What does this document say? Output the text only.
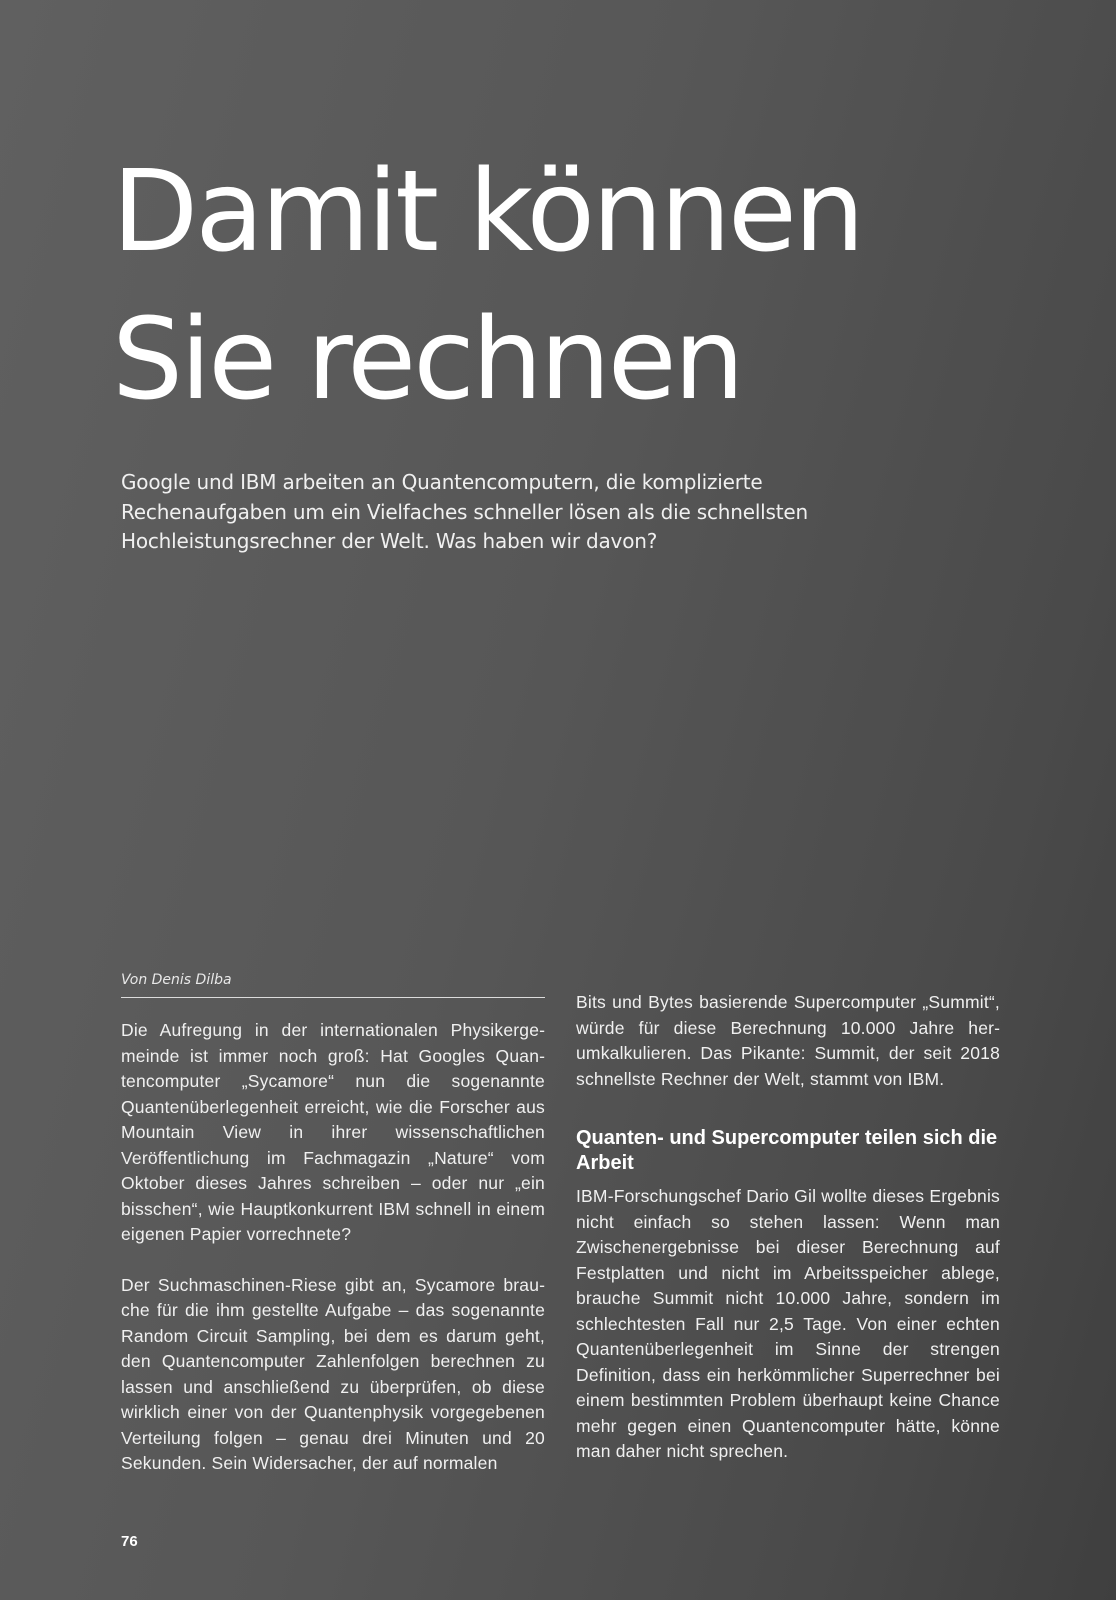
Damit können
Sie rechnen

Google und IBM arbeiten an Quantencomputern, die komplizierte
Rechenaufgaben um ein Vielfaches schneller lösen als die schnellsten
Hochleistungsrechner der Welt. Was haben wir davon?

Von Denis Dilba

Die Aufregung in der internationalen Physikergemeinde ist immer noch groß: Hat Googles Quantencomputer „Sycamore“ nun die sogenannte Quantenüberlegenheit erreicht, wie die Forscher aus Mountain View in ihrer wissenschaftlichen Veröffentlichung im Fachmagazin „Nature“ vom Oktober dieses Jahres schreiben – oder nur „ein bisschen“, wie Hauptkonkurrent IBM schnell in einem eigenen Papier vorrechnete?

Der Suchmaschinen-Riese gibt an, Sycamore brauche für die ihm gestellte Aufgabe – das sogenannte Random Circuit Sampling, bei dem es darum geht, den Quantencomputer Zahlenfolgen berechnen zu lassen und anschließend zu überprüfen, ob diese wirklich einer von der Quantenphysik vorgegebenen Verteilung folgen – genau drei Minuten und 20 Sekunden. Sein Widersacher, der auf normalen

Bits und Bytes basierende Supercomputer „Summit“, würde für diese Berechnung 10.000 Jahre herumkalkulieren. Das Pikante: Summit, der seit 2018 schnellste Rechner der Welt, stammt von IBM.

Quanten- und Supercomputer teilen sich die Arbeit

IBM-Forschungschef Dario Gil wollte dieses Ergebnis nicht einfach so stehen lassen: Wenn man Zwischenergebnisse bei dieser Berechnung auf Festplatten und nicht im Arbeitsspeicher ablege, brauche Summit nicht 10.000 Jahre, sondern im schlechtesten Fall nur 2,5 Tage. Von einer echten Quantenüberlegenheit im Sinne der strengen Definition, dass ein herkömmlicher Superrechner bei einem bestimmten Problem überhaupt keine Chance mehr gegen einen Quantencomputer hätte, könne man daher nicht sprechen.

76
